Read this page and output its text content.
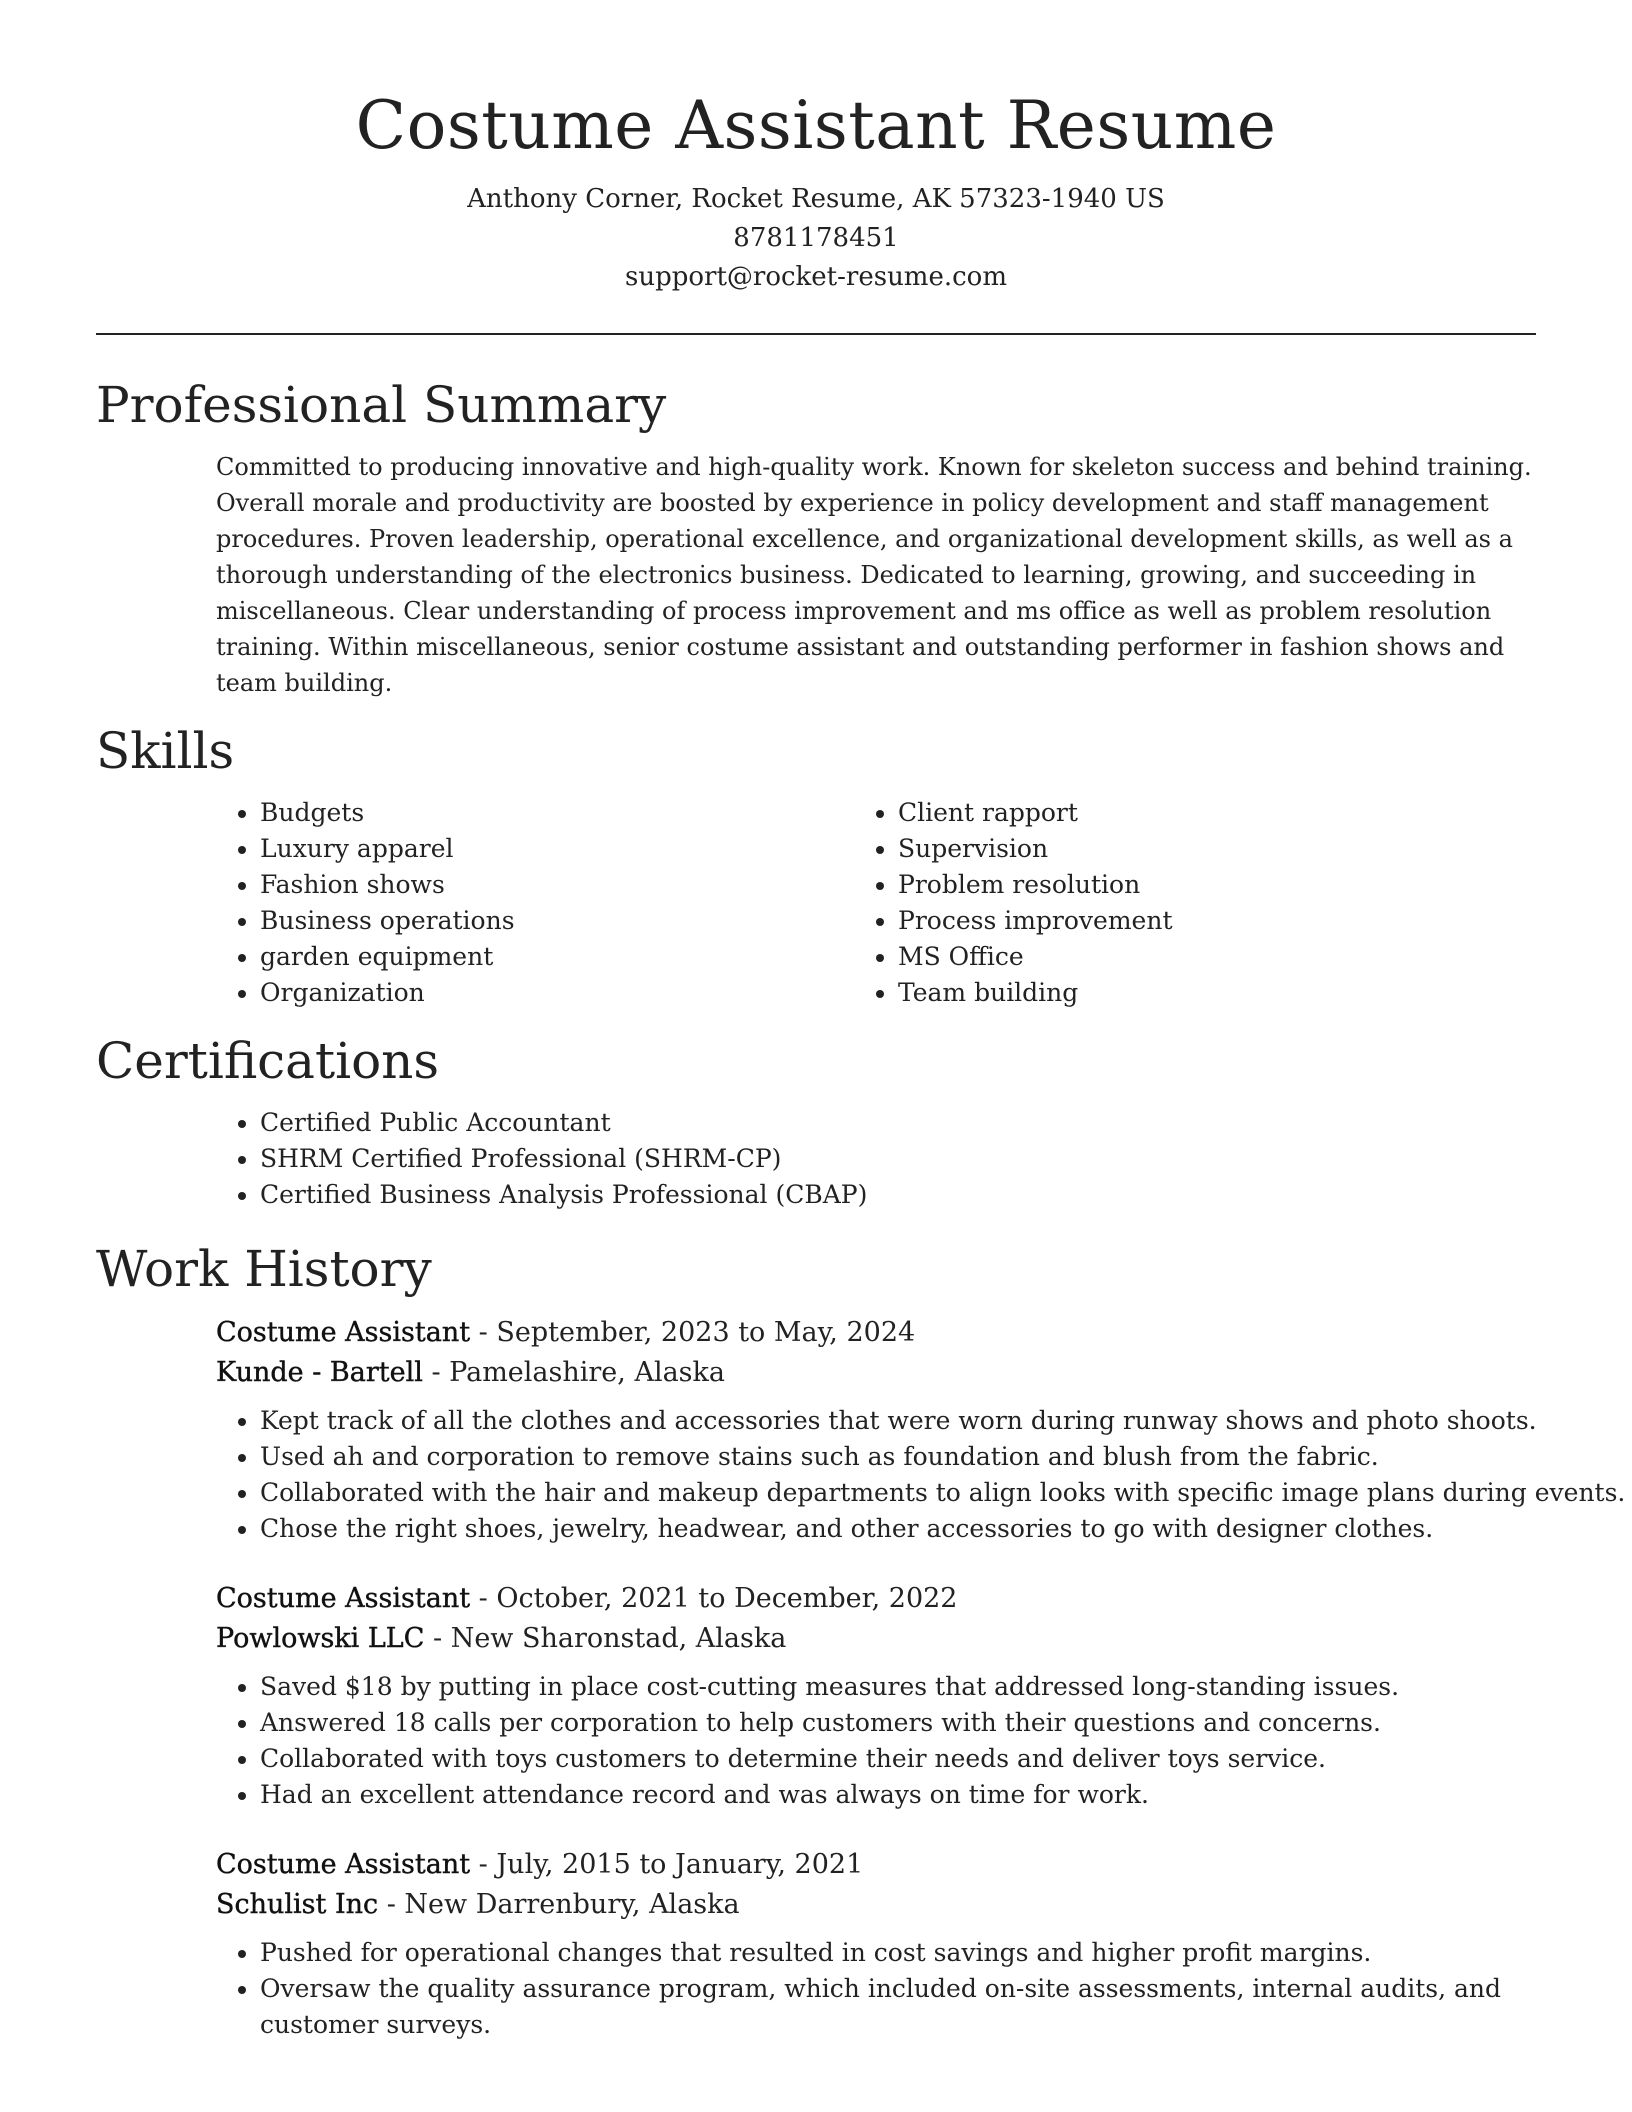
Costume Assistant Resume
Anthony Corner, Rocket Resume, AK 57323-1940 US
8781178451
support@rocket-resume.com
Professional Summary

Committed to producing innovative and high-quality work. Known for skeleton success and behind training. Overall morale and productivity are boosted by experience in policy development and staff management procedures. Proven leadership, operational excellence, and organizational development skills, as well as a thorough understanding of the electronics business. Dedicated to learning, growing, and succeeding in miscellaneous. Clear understanding of process improvement and ms office as well as problem resolution training. Within miscellaneous, senior costume assistant and outstanding performer in fashion shows and team building.

Skills
• Budgets
• Luxury apparel
• Fashion shows
• Business operations
• garden equipment
• Organization
• Client rapport
• Supervision
• Problem resolution
• Process improvement
• MS Office
• Team building
Certifications
• Certified Public Accountant
• SHRM Certified Professional (SHRM-CP)
• Certified Business Analysis Professional (CBAP)
Work History
Costume Assistant - September, 2023 to May, 2024
Kunde - Bartell - Pamelashire, Alaska
• Kept track of all the clothes and accessories that were worn during runway shows and photo shoots.
• Used ah and corporation to remove stains such as foundation and blush from the fabric.
• Collaborated with the hair and makeup departments to align looks with specific image plans during events.
• Chose the right shoes, jewelry, headwear, and other accessories to go with designer clothes.
Costume Assistant - October, 2021 to December, 2022
Powlowski LLC - New Sharonstad, Alaska
• Saved $18 by putting in place cost-cutting measures that addressed long-standing issues.
• Answered 18 calls per corporation to help customers with their questions and concerns.
• Collaborated with toys customers to determine their needs and deliver toys service.
• Had an excellent attendance record and was always on time for work.
Costume Assistant - July, 2015 to January, 2021
Schulist Inc - New Darrenbury, Alaska
• Pushed for operational changes that resulted in cost savings and higher profit margins.
• Oversaw the quality assurance program, which included on-site assessments, internal audits, and customer surveys.
